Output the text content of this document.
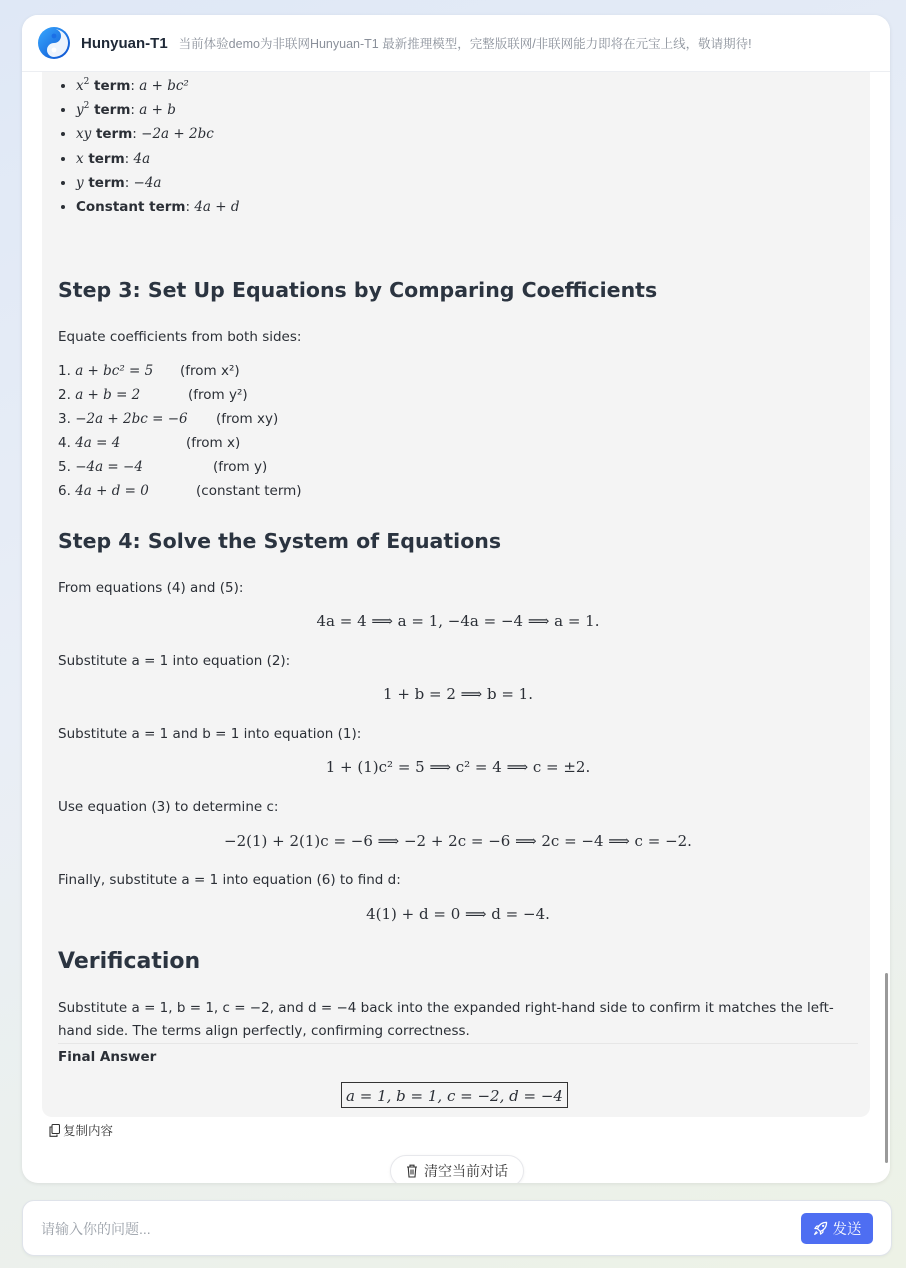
Hunyuan-T1 当前体验demo为非联网Hunyuan-T1 最新推理模型，完整版联网/非联网能力即将在元宝上线，敬请期待!
• $x^2$ term: a + bc²
• $y^2$ term: a + b
• xy term: −2a + 2bc
• x term: 4a
• y term: −4a
• Constant term: 4a + d
Step 3: Set Up Equations by Comparing Coefficients
Equate coefficients from both sides:
1. a + bc² = 5 (from x²)
2. a + b = 2	(from y²)
3. −2a + 2bc = −6 (from xy)
4. 4a = 4	(from x)
5. −4a = −4	(from y)
6. 4a + d = 0	(constant term)
Step 4: Solve the System of Equations
From equations (4) and (5):
4a = 4 ⟹ a = 1, −4a = −4 ⟹ a = 1.
Substitute a = 1 into equation (2):
1 + b = 2 ⟹ b = 1.
Substitute a = 1 and b = 1 into equation (1):
1 + (1)c² = 5 ⟹ c² = 4 ⟹ c = ±2.
Use equation (3) to determine c:
−2(1) + 2(1)c = −6 ⟹ −2 + 2c = −6 ⟹ 2c = −4 ⟹ c = −2.
Finally, substitute a = 1 into equation (6) to find d:
4(1) + d = 0 ⟹ d = −4.
Verification
Substitute a = 1, b = 1, c = −2, and d = −4 back into the expanded right-hand side to confirm it matches the left-hand side. The terms align perfectly, confirming correctness.
Final Answer
a = 1, b = 1, c = −2, d = −4
复制内容
清空当前对话
请输入你的问题...
发送
